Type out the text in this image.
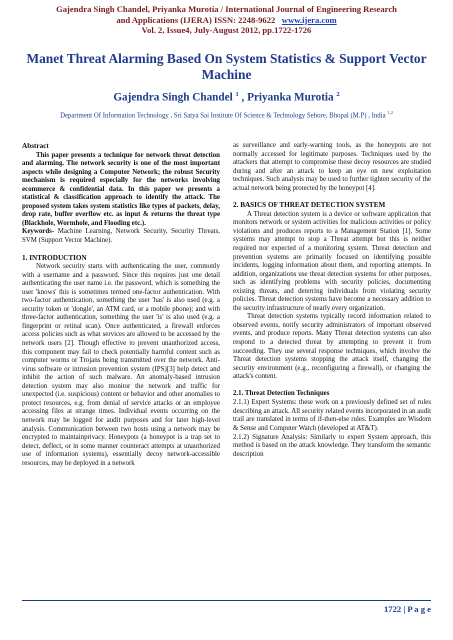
Gajendra Singh Chandel, Priyanka Murotia / International Journal of Engineering Research
and Applications (IJERA) ISSN: 2248-9622 www.ijera.com
Vol. 2, Issue4, July-August 2012, pp.1722-1726
Manet Threat Alarming Based On System Statistics & Support Vector Machine
Gajendra Singh Chandel $^1$ , Priyanka Murotia $^2$
Department Of Information Technology , Sri Satya Sai Institute Of Science & Technology Sehore, Bhopal (M.P) , India $^{1,2}$
Abstract

This paper presents a technique for network threat detection and alarming. The network security is one of the most important aspects while designing a Computer Network; the robust Security mechanism is required especially for the networks involving ecommerce & confidential data. In this paper we presents a statistical & classification approach to identify the attack. The proposed system takes system statistics like types of packets, delay, drop rate, buffer overflow etc. as input & returns the threat type (Blackhole, Wormhole, and Flooding etc.).

Keywords- Machine Learning, Network Security, Security Threats, SVM (Support Vector Machine).

1. INTRODUCTION

Network security starts with authenticating the user, commonly with a username and a password. Since this requires just one detail authenticating the user name i.e. the password, which is something the user 'knows' this is sometimes termed one-factor authentication. With two-factor authentication, something the user 'has' is also used (e.g. a security token or 'dongle', an ATM card, or a mobile phone); and with three-factor authentication, something the user 'is' is also used (e.g. a fingerprint or retinal scan). Once authenticated, a firewall enforces access policies such as what services are allowed to be accessed by the network users [2]. Though effective to prevent unauthorized access, this component may fail to check potentially harmful content such as computer worms or Trojans being transmitted over the network. Anti-virus software or intrusion prevention system (IPS)[3] help detect and inhibit the action of such malware. An anomaly-based intrusion detection system may also monitor the network and traffic for unexpected (i.e. suspicious) content or behavior and other anomalies to protect resources, e.g. from denial of service attacks or an employee accessing files at strange times. Individual events occurring on the network may be logged for audit purposes and for later high-level analysis. Communication between two hosts using a network may be encrypted to maintainprivacy. Honeypots (a honeypot is a trap set to detect, deflect, or in some manner counteract attempts at unauthorized use of information systems), essentially decoy network-accessible resources, may be deployed in a network

as surveillance and early-warning tools, as the honeypots are not normally accessed for legitimate purposes. Techniques used by the attackers that attempt to compromise these decoy resources are studied during and after an attack to keep an eye on new exploitation techniques. Such analysis may be used to further tighten security of the actual network being protected by the honeypot [4].

2. BASICS OF THREAT DETECTION SYSTEM

A Threat detection system is a device or software application that monitors network or system activities for malicious activities or policy violations and produces reports to a Management Station [1]. Some systems may attempt to stop a Threat attempt but this is neither required nor expected of a monitoring system. Threat detection and prevention systems are primarily focused on identifying possible incidents, logging information about them, and reporting attempts. In addition, organizations use threat detection systems for other purposes, such as identifying problems with security policies, documenting existing threats, and deterring individuals from violating security policies. Threat detection systems have become a necessary addition to the security infrastructure of nearly every organization.

Threat detection systems typically record information related to observed events, notify security administrators of important observed events, and produce reports. Many Threat detection systems can also respond to a detected threat by attempting to prevent it from succeeding. They use several response techniques, which involve the Threat detection systems stopping the attack itself, changing the security environment (e.g., reconfiguring a firewall), or changing the attack's content.

2.1. Threat Detection Techniques

2.1.1) Expert Systems: these work on a previously defined set of rules describing an attack. All security related events incorporated in an audit trail are translated in terms of if-then-else rules. Examples are Wisdom & Sense and Computer Watch (developed at AT&T).

2.1.2) Signature Analysis: Similarly to expert System approach, this method is based on the attack knowledge. They transform the semantic description

1722 | P a g e
